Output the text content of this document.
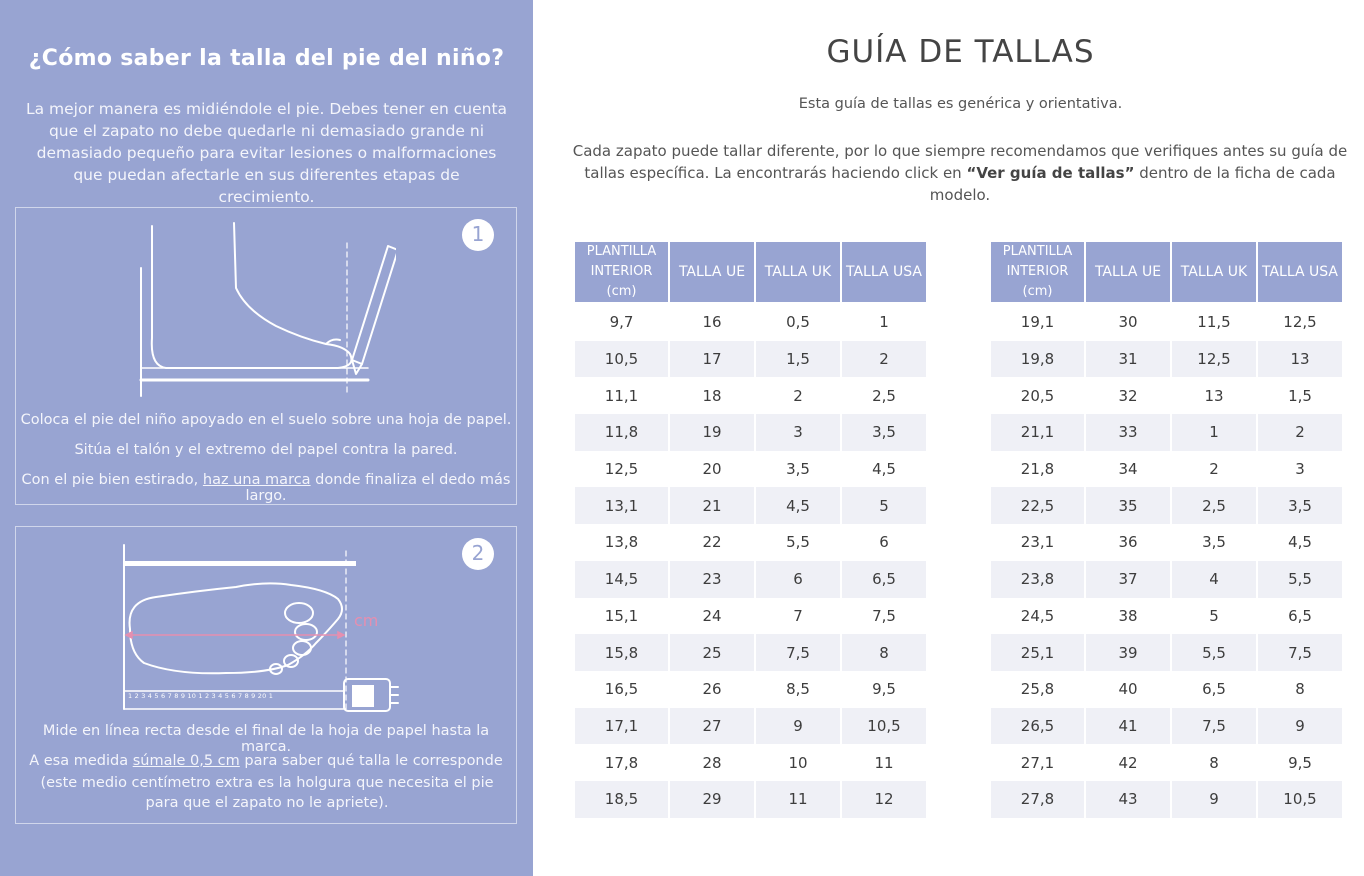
¿Cómo saber la talla del pie del niño?

La mejor manera es midiéndole el pie. Debes tener en cuenta que el zapato no debe quedarle ni demasiado grande ni demasiado pequeño para evitar lesiones o malformaciones que puedan afectarle en sus diferentes etapas de crecimiento.

1

Coloca el pie del niño apoyado en el suelo sobre una hoja de papel.

Sitúa el talón y el extremo del papel contra la pared.

Con el pie bien estirado, haz una marca donde finaliza el dedo más largo.

2
cm
1 2 3 4 5 6 7 8 9 10 1 2 3 4 5 6 7 8 9 20 1

Mide en línea recta desde el final de la hoja de papel hasta la marca.

A esa medida súmale 0,5 cm para saber qué talla le corresponde

(este medio centímetro extra es la holgura que necesita el pie para que el zapato no le apriete).

GUÍA DE TALLAS

Esta guía de tallas es genérica y orientativa.

Cada zapato puede tallar diferente, por lo que siempre recomendamos que verifiques antes su guía de tallas específica. La encontrarás haciendo click en “Ver guía de tallas” dentro de la ficha de cada modelo.

PLANTILLA INTERIOR (cm)	TALLA UE	TALLA UK	TALLA USA
9,7	16	0,5	1
10,5	17	1,5	2
11,1	18	2	2,5
11,8	19	3	3,5
12,5	20	3,5	4,5
13,1	21	4,5	5
13,8	22	5,5	6
14,5	23	6	6,5
15,1	24	7	7,5
15,8	25	7,5	8
16,5	26	8,5	9,5
17,1	27	9	10,5
17,8	28	10	11
18,5	29	11	12
PLANTILLA INTERIOR (cm)	TALLA UE	TALLA UK	TALLA USA
19,1	30	11,5	12,5
19,8	31	12,5	13
20,5	32	13	1,5
21,1	33	1	2
21,8	34	2	3
22,5	35	2,5	3,5
23,1	36	3,5	4,5
23,8	37	4	5,5
24,5	38	5	6,5
25,1	39	5,5	7,5
25,8	40	6,5	8
26,5	41	7,5	9
27,1	42	8	9,5
27,8	43	9	10,5
